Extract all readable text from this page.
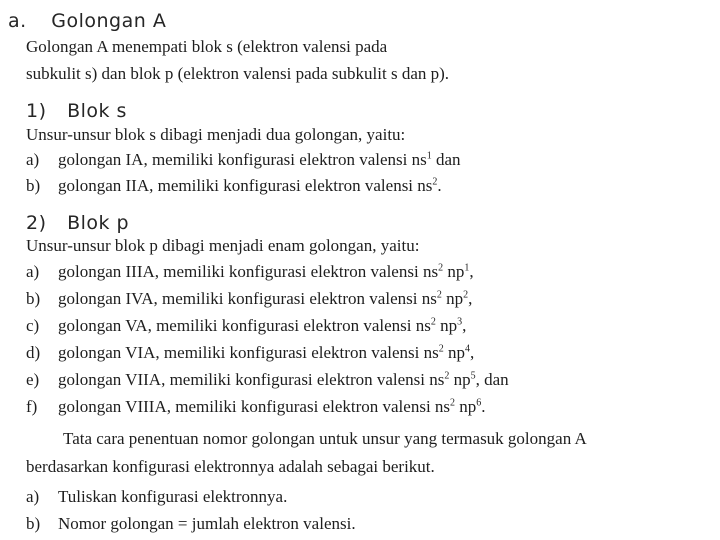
a. Golongan A
Golongan A menempati blok s (elektron valensi pada
subkulit s) dan blok p (elektron valensi pada subkulit s dan p).
1) Blok s
Unsur-unsur blok s dibagi menjadi dua golongan, yaitu:
a) golongan IA, memiliki konfigurasi elektron valensi $ns^1$ dan
b) golongan IIA, memiliki konfigurasi elektron valensi $ns^2$.
2) Blok p
Unsur-unsur blok p dibagi menjadi enam golongan, yaitu:
a) golongan IIIA, memiliki konfigurasi elektron valensi $ns^2$ $np^1$,
b) golongan IVA, memiliki konfigurasi elektron valensi $ns^2$ $np^2$,
c) golongan VA, memiliki konfigurasi elektron valensi $ns^2$ $np^3$,
d) golongan VIA, memiliki konfigurasi elektron valensi $ns^2$ $np^4$,
e) golongan VIIA, memiliki konfigurasi elektron valensi $ns^2$ $np^5$, dan
f) golongan VIIIA, memiliki konfigurasi elektron valensi $ns^2$ $np^6$.
Tata cara penentuan nomor golongan untuk unsur yang termasuk golongan A
berdasarkan konfigurasi elektronnya adalah sebagai berikut.
a) Tuliskan konfigurasi elektronnya.
b) Nomor golongan = jumlah elektron valensi.
